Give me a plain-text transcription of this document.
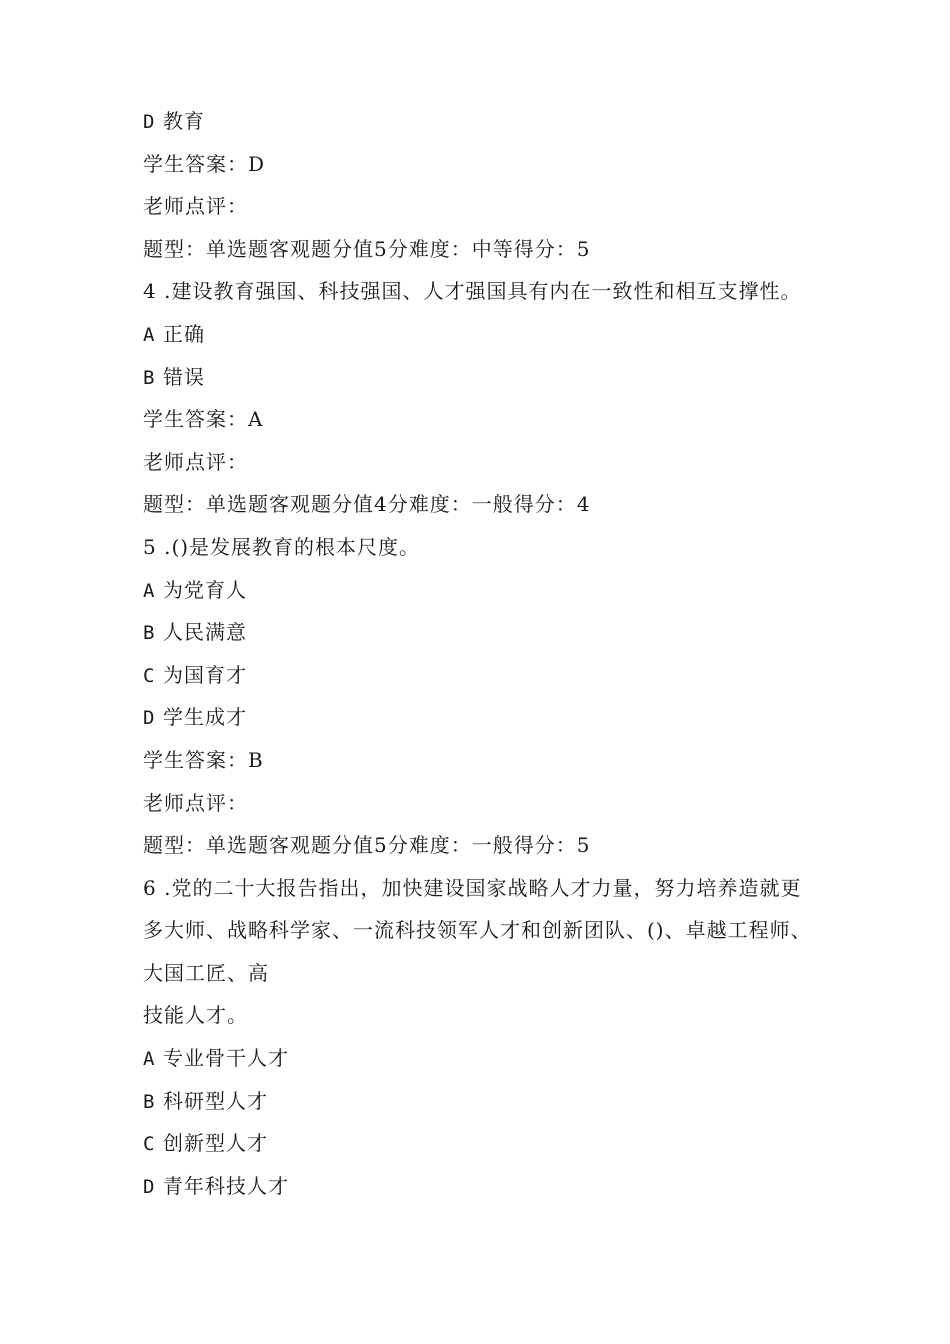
D 教育
学生答案：D
老师点评：
题型：单选题客观题分值5分难度：中等得分：5
4 .建设教育强国、科技强国、人才强国具有内在一致性和相互支撑性。
A 正确
B 错误
学生答案：A
老师点评：
题型：单选题客观题分值4分难度：一般得分：4
5 .()是发展教育的根本尺度。
A 为党育人
B 人民满意
C 为国育才
D 学生成才
学生答案：B
老师点评：
题型：单选题客观题分值5分难度：一般得分：5
6 .党的二十大报告指出，加快建设国家战略人才力量，努力培养造就更
多大师、战略科学家、一流科技领军人才和创新团队、()、卓越工程师、
大国工匠、高
技能人才。
A 专业骨干人才
B 科研型人才
C 创新型人才
D 青年科技人才
